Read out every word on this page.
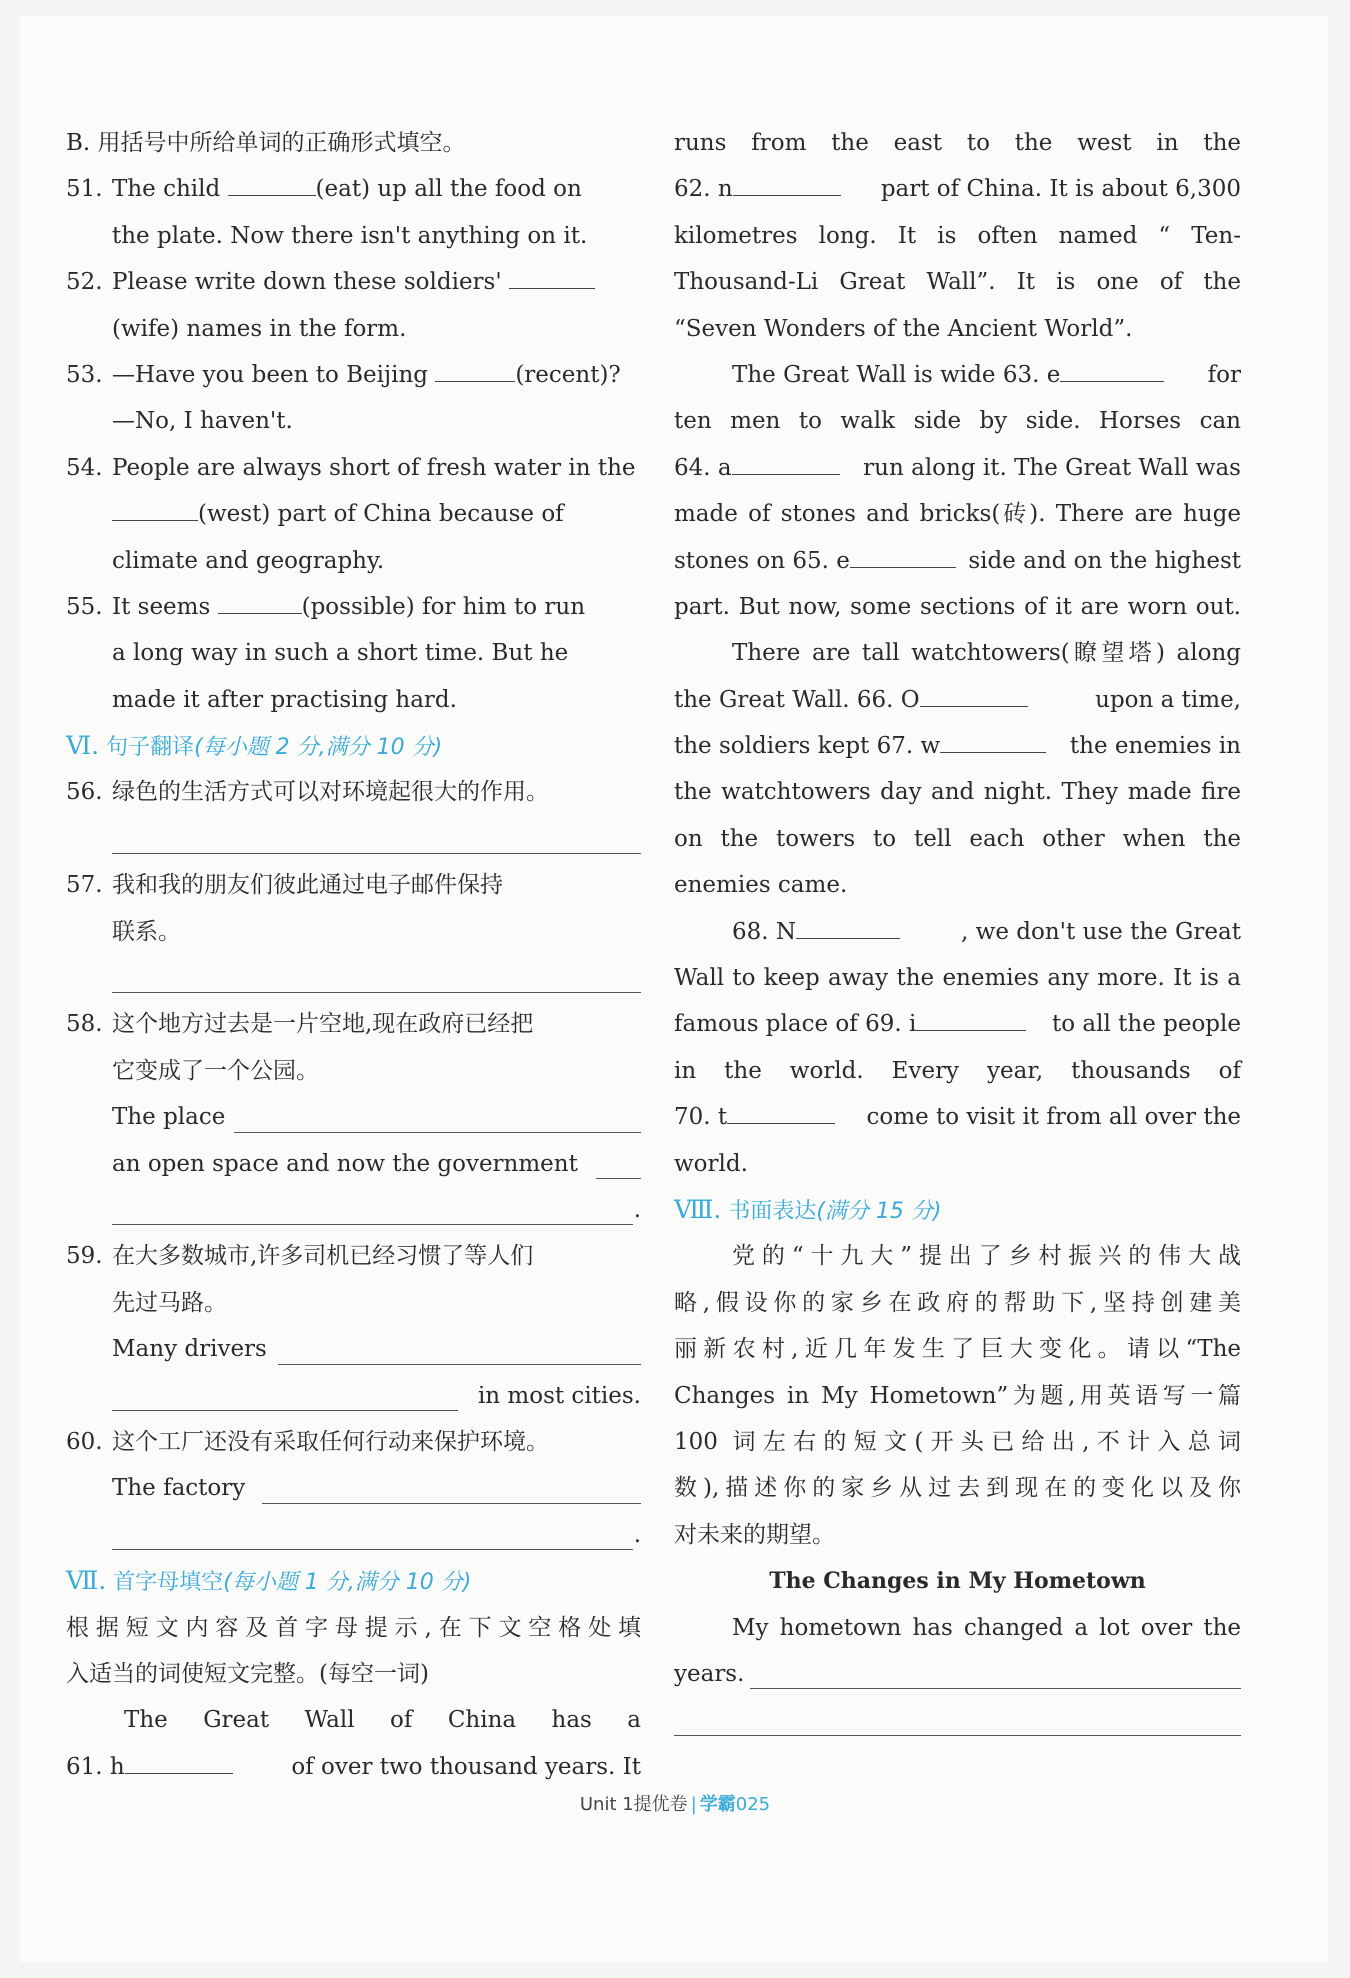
B. 用括号中所给单词的正确形式填空。
51. The child	(eat) up all the food on
the plate. Now there isn't anything on it.
52. Please write down these soldiers'
(wife) names in the form.
53. —Have you been to Beijing	(recent)?
—No, I haven't.
54. People are always short of fresh water in the
(west) part of China because of
climate and geography.
55. It seems	(possible) for him to run
a long way in such a short time. But he
made it after practising hard.
Ⅵ. 句子翻译(每小题 2 分,满分 10 分)
56. 绿色的生活方式可以对环境起很大的作用。
57. 我和我的朋友们彼此通过电子邮件保持
联系。
58. 这个地方过去是一片空地,现在政府已经把
它变成了一个公园。
The place
an open space and now the government
.
59. 在大多数城市,许多司机已经习惯了等人们
先过马路。
Many drivers
in most cities.
60. 这个工厂还没有采取任何行动来保护环境。
The factory
.
Ⅶ. 首字母填空(每小题 1 分,满分 10 分)
根据短文内容及首字母提示,在下文空格处填
入适当的词使短文完整。(每空一词)
The Great Wall of China has a
61. h	of over two thousand years. It
runs from the east to the west in the
62. n	part of China. It is about 6,300
kilometres long. It is often named “ Ten-
Thousand-Li Great Wall”. It is one of the
“Seven Wonders of the Ancient World”.
The Great Wall is wide 63. e	for
ten men to walk side by side. Horses can
64. a	run along it. The Great Wall was
made of stones and bricks(砖). There are huge
stones on 65. e	side and on the highest
part. But now, some sections of it are worn out.
There are tall watchtowers(瞭望塔) along
the Great Wall. 66. O	upon a time,
the soldiers kept 67. w	the enemies in
the watchtowers day and night. They made fire
on the towers to tell each other when the
enemies came.
68. N	, we don't use the Great
Wall to keep away the enemies any more. It is a
famous place of 69. i	to all the people
in the world. Every year, thousands of
70. t	come to visit it from all over the
world.
Ⅷ. 书面表达(满分 15 分)
党的“十九大”提出了乡村振兴的伟大战
略,假设你的家乡在政府的帮助下,坚持创建美
丽新农村,近几年发生了巨大变化。请以“The
Changes in My Hometown”为题,用英语写一篇
100 词左右的短文(开头已给出,不计入总词
数),描述你的家乡从过去到现在的变化以及你
对未来的期望。
The Changes in My Hometown
My hometown has changed a lot over the
years.
Unit 1提优卷 | 学霸025
